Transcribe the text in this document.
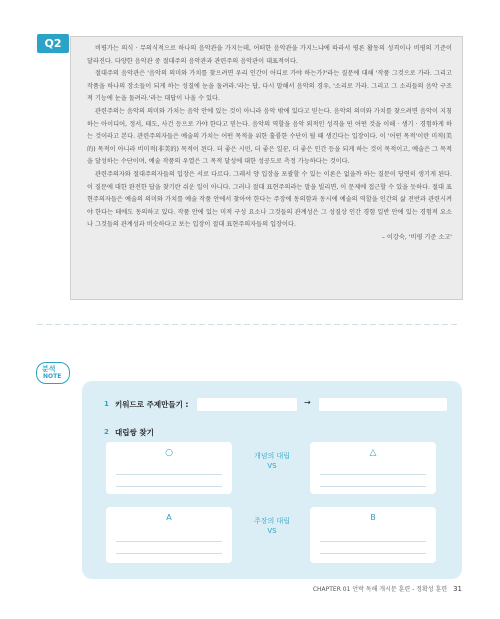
Q2	비평가는 의식 · 무의식적으로 하나의 음악관을 가지는데, 어떠한 음악관을 가지느냐에 따라서 평론 활동의 성격이나 비평의 기준이 달라진다. 다양한 음악관 중 절대주의 음악관과 관련주의 음악관이 대표적이다.

절대주의 음악관은 '음악의 의미와 가치를 찾으려면 우리 인간이 어디로 가야 하는가?'라는 질문에 대해 '작품 그것으로 가라. 그리고 작품을 하나의 장소들이 되게 하는 성질에 눈을 돌려라.'라는 답, 다시 말해서 음악의 경우, '소리로 가라. 그리고 그 소리들의 음악 구조적 기능에 눈을 돌려라.'라는 대답이 나올 수 있다.

관련주의는 음악의 의미와 가치는 음악 안에 있는 것이 아니라 음악 밖에 있다고 믿는다. 음악의 의미와 가치를 찾으려면 음악이 지칭하는 아이디어, 정서, 태도, 사건 등으로 가야 한다고 믿는다. 음악의 역할을 음악 외적인 성격을 띤 어떤 것을 이해 · 생기 · 경험하게 하는 것이라고 본다. 관련주의자들은 예술의 가치는 어떤 목적을 위한 훌륭한 수단이 될 때 생긴다는 입장이다. 이 '어떤 목적'이란 미적(美的) 목적이 아니라 비미적(非美的) 목적이 된다. 더 좋은 시민, 더 좋은 일꾼, 더 좋은 인간 등을 되게 하는 것이 목적이고, 예술은 그 목적을 달성하는 수단이며, 예술 작품의 우열은 그 목적 달성에 대한 성공도로 측정 가능하다는 것이다.

관련주의자와 절대주의자들의 입장은 서로 다르다. 그래서 양 입장을 포괄할 수 있는 이론은 없을까 하는 질문이 당연히 생기게 된다. 이 질문에 대한 완전한 답을 찾기란 쉬운 일이 아니다. 그러나 절대 표현주의라는 말을 빌리면, 이 문제에 접근할 수 있을 듯하다. 절대 표현주의자들은 예술의 의미와 가치를 예술 작품 안에서 찾아야 한다는 주장에 동의함과 동시에 예술의 역할을 인간의 삶 전반과 관련시켜야 한다는 테에도 동의하고 있다. 작품 안에 있는 미적 구성 요소나 그것들의 관계성은 그 성질상 인간 경험 일반 안에 있는 경험적 요소나 그것들의 관계성과 비슷하다고 보는 입장이 절대 표현주의자들의 입장이다.

– 이강숙, '비평 기준 소고'

분석
NOTE
1 키워드로 주제만들기 :	→
2 대립쌍 찾기
○	개념의 대립
VS
△
A	주장의 대립
VS
B
CHAPTER 01 언박 독해 개시문 훈련 - 정확성 훈련 31
